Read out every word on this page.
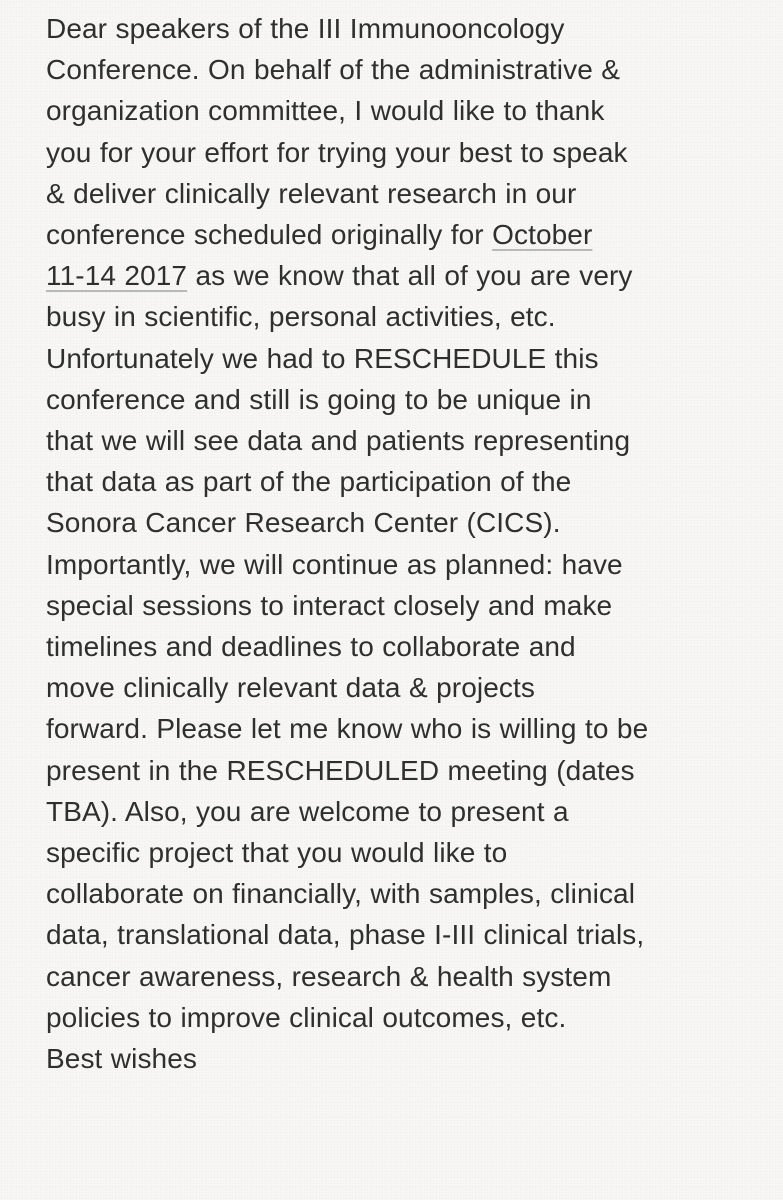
Dear speakers of the III Immunooncology
Conference. On behalf of the administrative &
organization committee, I would like to thank
you for your effort for trying your best to speak
& deliver clinically relevant research in our
conference scheduled originally for October
11-14 2017 as we know that all of you are very
busy in scientific, personal activities, etc.
Unfortunately we had to RESCHEDULE this
conference and still is going to be unique in
that we will see data and patients representing
that data as part of the participation of the
Sonora Cancer Research Center (CICS).
Importantly, we will continue as planned: have
special sessions to interact closely and make
timelines and deadlines to collaborate and
move clinically relevant data & projects
forward. Please let me know who is willing to be
present in the RESCHEDULED meeting (dates
TBA). Also, you are welcome to present a
specific project that you would like to
collaborate on financially, with samples, clinical
data, translational data, phase I-III clinical trials,
cancer awareness, research & health system
policies to improve clinical outcomes, etc.
Best wishes
